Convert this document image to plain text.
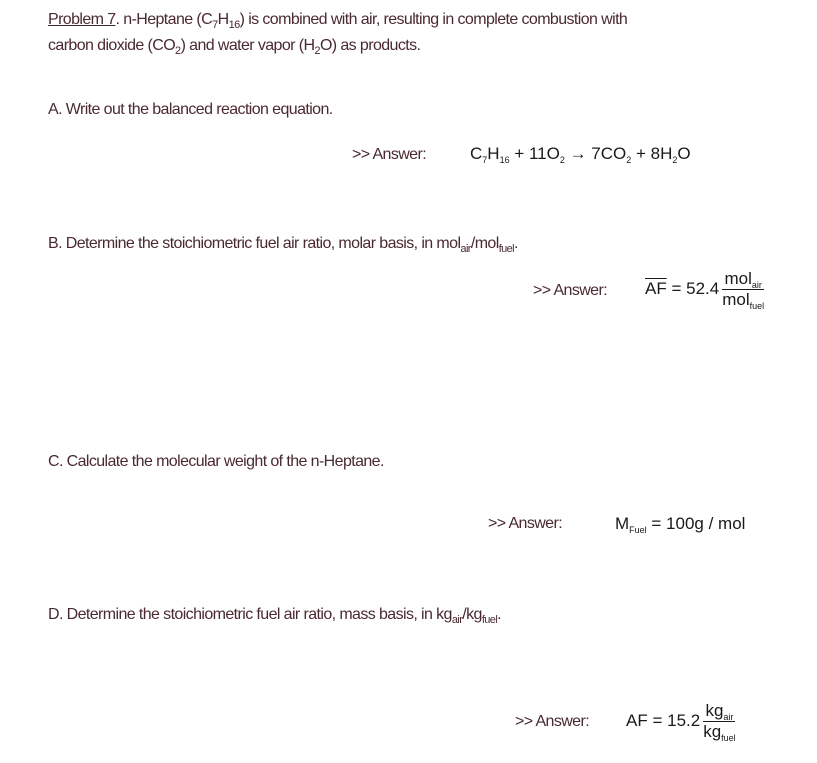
Problem 7. n-Heptane $(C_7H_{16})$ is combined with air, resulting in complete combustion with
carbon dioxide $(CO_2)$ and water vapor $(H_2O)$ as products.
A. Write out the balanced reaction equation.
>> Answer:	$C_7H_{16} + 11O_2 \to 7CO_2 + 8H_2O$
B. Determine the stoichiometric fuel air ratio, molar basis, in mol$_{air}$/mol$_{fuel}$.
>> Answer: $\overline{AF} = 52.4 \frac{mol_{air}}{mol_{fuel}}$
C. Calculate the molecular weight of the n-Heptane.
>> Answer:	$M_{Fuel} = 100g$ / mol
D. Determine the stoichiometric fuel air ratio, mass basis, in $kg_{air}/kg_{fuel}$.
>> Answer: AF = $15.2 \frac{kg_{air}}{kg_{fuel}}$
